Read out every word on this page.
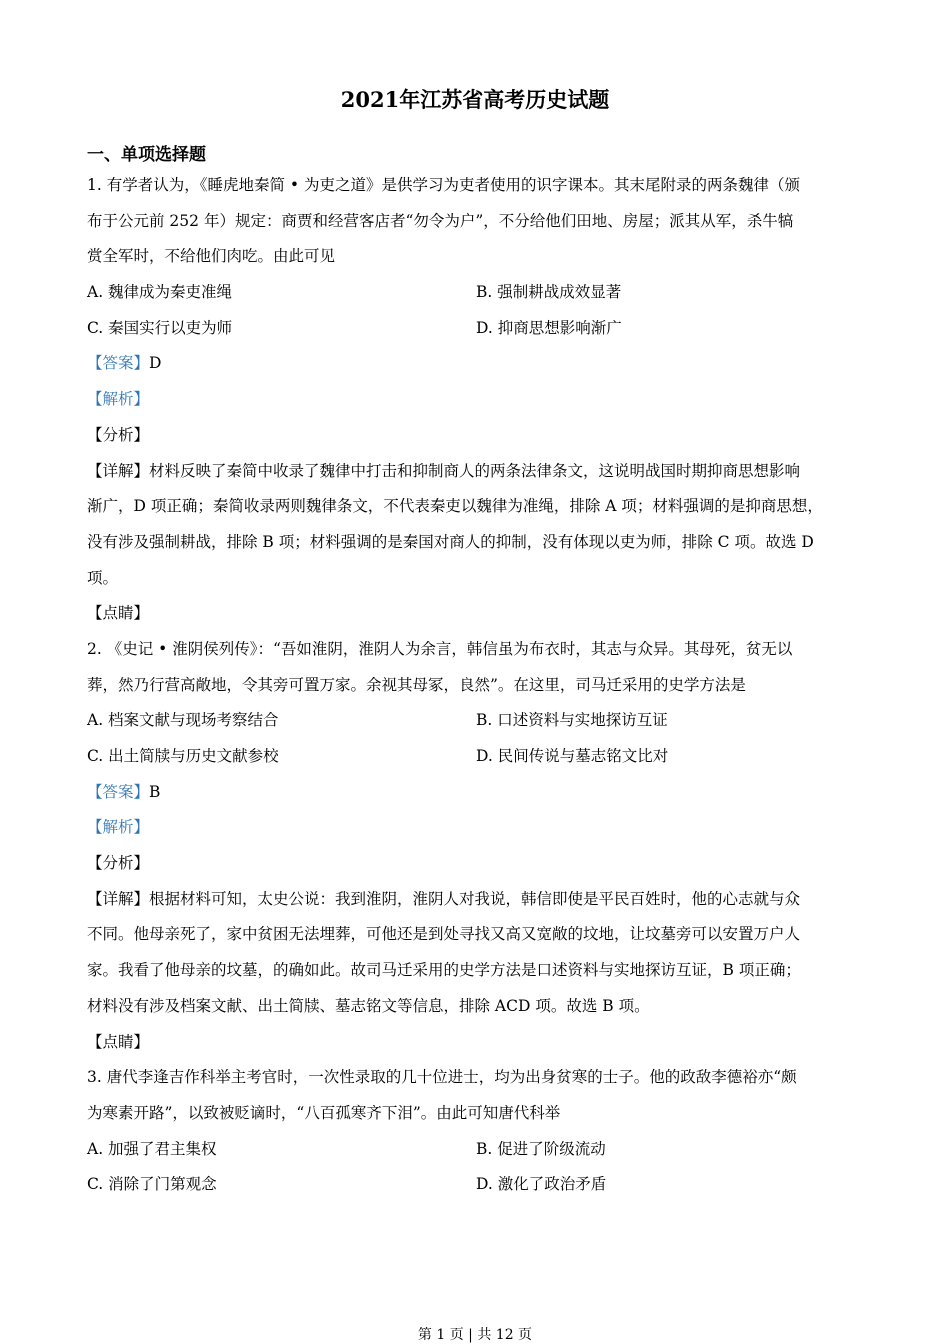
2021年江苏省高考历史试题
一、单项选择题
1. 有学者认为，《睡虎地秦简 • 为吏之道》是供学习为吏者使用的识字课本。其末尾附录的两条魏律（颁
布于公元前 252 年）规定：商贾和经营客店者“勿令为户”，不分给他们田地、房屋；派其从军，杀牛犒
赏全军时，不给他们肉吃。由此可见
A. 魏律成为秦吏准绳	B. 强制耕战成效显著
C. 秦国实行以吏为师	D. 抑商思想影响渐广
【答案】D
【解析】
【分析】
【详解】材料反映了秦简中收录了魏律中打击和抑制商人的两条法律条文，这说明战国时期抑商思想影响
渐广，D 项正确；秦简收录两则魏律条文，不代表秦吏以魏律为准绳，排除 A 项；材料强调的是抑商思想，
没有涉及强制耕战，排除 B 项；材料强调的是秦国对商人的抑制，没有体现以吏为师，排除 C 项。故选 D
项。
【点睛】
2. 《史记 • 淮阴侯列传》：“吾如淮阴，淮阴人为余言，韩信虽为布衣时，其志与众异。其母死，贫无以
葬，然乃行营高敞地，令其旁可置万家。余视其母冢，良然”。在这里，司马迁采用的史学方法是
A. 档案文献与现场考察结合	B. 口述资料与实地探访互证
C. 出土简牍与历史文献参校	D. 民间传说与墓志铭文比对
【答案】B
【解析】
【分析】
【详解】根据材料可知，太史公说：我到淮阴，淮阴人对我说，韩信即使是平民百姓时，他的心志就与众
不同。他母亲死了，家中贫困无法埋葬，可他还是到处寻找又高又宽敞的坟地，让坟墓旁可以安置万户人
家。我看了他母亲的坟墓，的确如此。故司马迁采用的史学方法是口述资料与实地探访互证，B 项正确；
材料没有涉及档案文献、出土简牍、墓志铭文等信息，排除 ACD 项。故选 B 项。
【点睛】
3. 唐代李逢吉作科举主考官时，一次性录取的几十位进士，均为出身贫寒的士子。他的政敌李德裕亦“颇
为寒素开路”，以致被贬谪时，“八百孤寒齐下泪”。由此可知唐代科举
A. 加强了君主集权	B. 促进了阶级流动
C. 消除了门第观念	D. 激化了政治矛盾
第 1 页 | 共 12 页
